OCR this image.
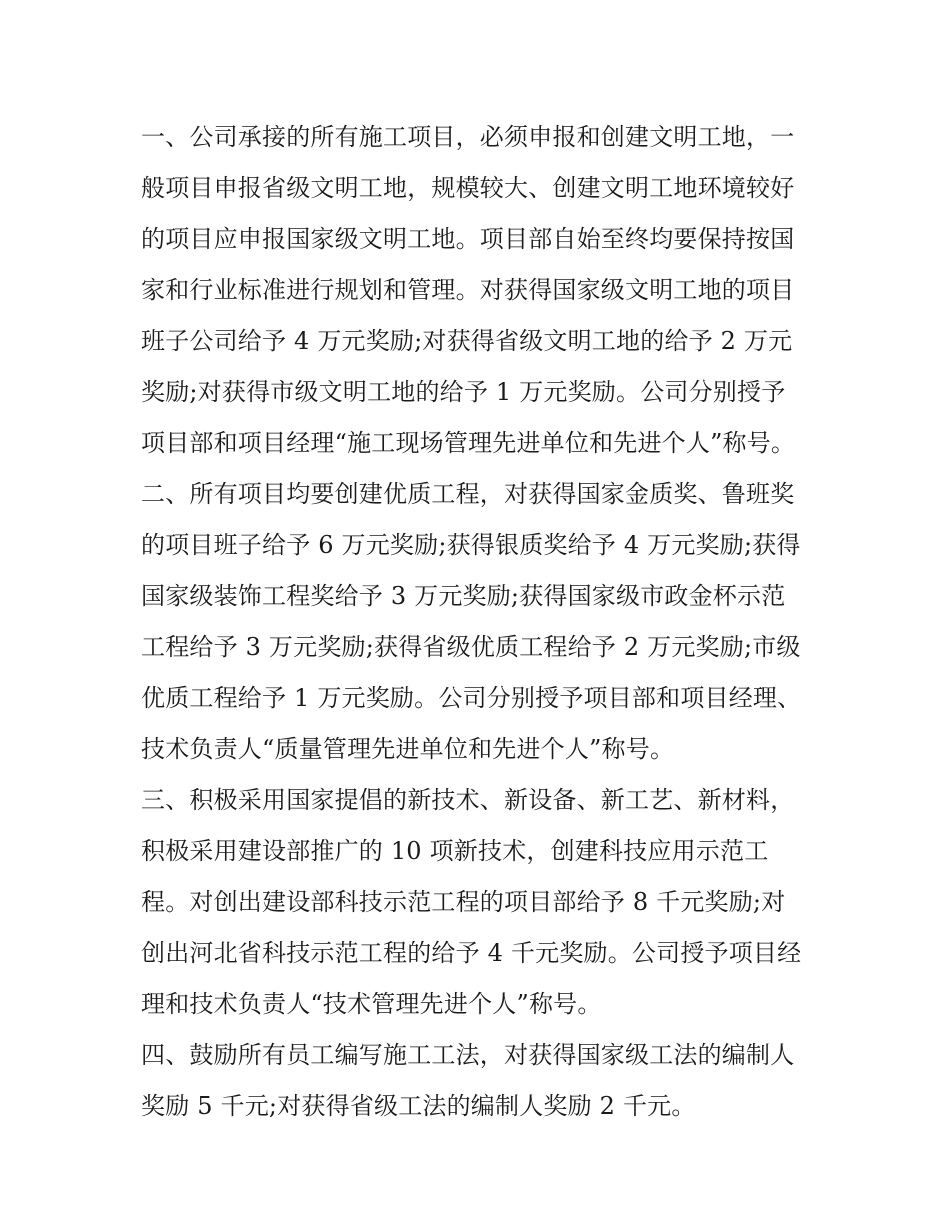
一、公司承接的所有施工项目，必须申报和创建文明工地，一
般项目申报省级文明工地，规模较大、创建文明工地环境较好
的项目应申报国家级文明工地。项目部自始至终均要保持按国
家和行业标准进行规划和管理。对获得国家级文明工地的项目
班子公司给予 4 万元奖励;对获得省级文明工地的给予 2 万元
奖励;对获得市级文明工地的给予 1 万元奖励。公司分别授予
项目部和项目经理“施工现场管理先进单位和先进个人”称号。
二、所有项目均要创建优质工程，对获得国家金质奖、鲁班奖
的项目班子给予 6 万元奖励;获得银质奖给予 4 万元奖励;获得
国家级装饰工程奖给予 3 万元奖励;获得国家级市政金杯示范
工程给予 3 万元奖励;获得省级优质工程给予 2 万元奖励;市级
优质工程给予 1 万元奖励。公司分别授予项目部和项目经理、
技术负责人“质量管理先进单位和先进个人”称号。
三、积极采用国家提倡的新技术、新设备、新工艺、新材料，
积极采用建设部推广的 10 项新技术，创建科技应用示范工
程。对创出建设部科技示范工程的项目部给予 8 千元奖励;对
创出河北省科技示范工程的给予 4 千元奖励。公司授予项目经
理和技术负责人“技术管理先进个人”称号。
四、鼓励所有员工编写施工工法，对获得国家级工法的编制人
奖励 5 千元;对获得省级工法的编制人奖励 2 千元。
